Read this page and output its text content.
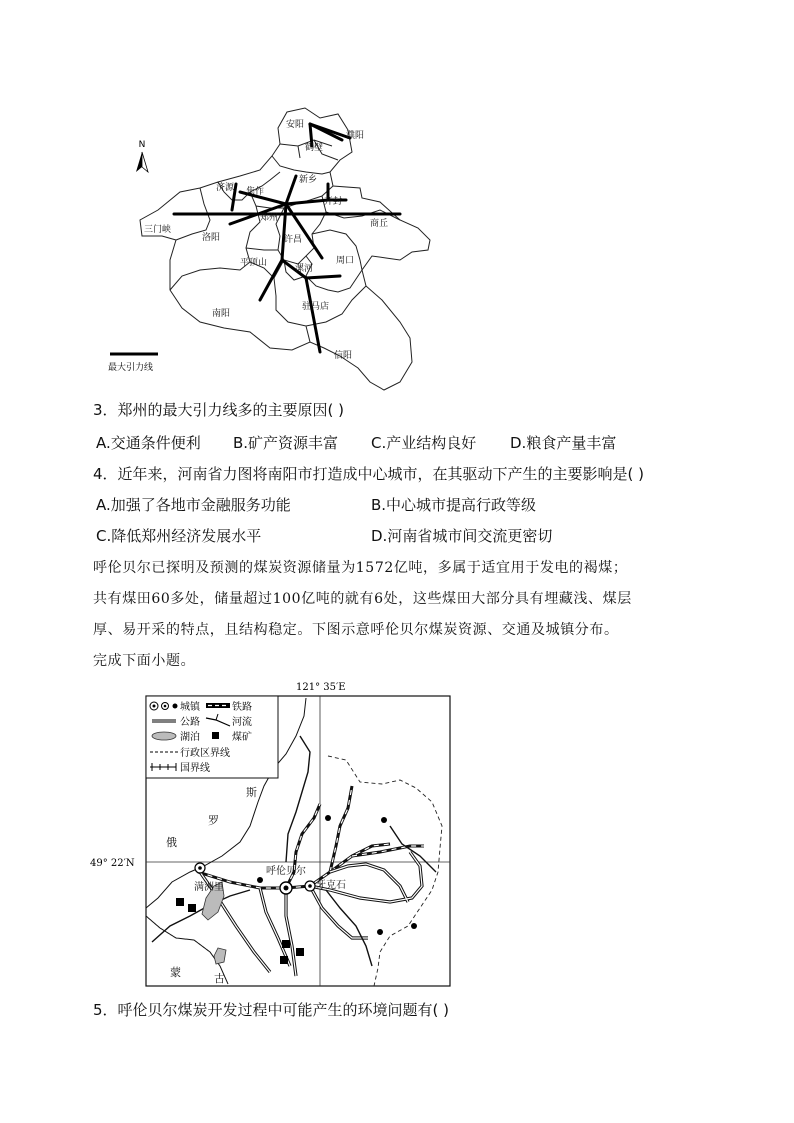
N
最大引力线
安阳
濮阳
鹤壁
新乡
济源 焦作
开封
商丘
三门峡
洛阳
郑州
许昌
平顶山
漯河
周口
南阳
驻马店
信阳
3．郑州的最大引力线多的主要原因( )
A.交通条件便利 B.矿产资源丰富 C.产业结构良好 D.粮食产量丰富
4．近年来，河南省力图将南阳市打造成中心城市，在其驱动下产生的主要影响是( )
A.加强了各地市金融服务功能	B.中心城市提高行政等级
C.降低郑州经济发展水平	D.河南省城市间交流更密切
呼伦贝尔已探明及预测的煤炭资源储量为1572亿吨，多属于适宜用于发电的褐煤；
共有煤田60多处，储量超过100亿吨的就有6处，这些煤田大部分具有埋藏浅、煤层
厚、易开采的特点，且结构稳定。下图示意呼伦贝尔煤炭资源、交通及城镇分布。
完成下面小题。
121° 35′E
49° 22′N
斯
罗
俄
满洲里
呼伦贝尔
牙克石
蒙	古
城镇	铁路
公路	河流
湖泊	煤矿
行政区界线
国界线
5．呼伦贝尔煤炭开发过程中可能产生的环境问题有( )
